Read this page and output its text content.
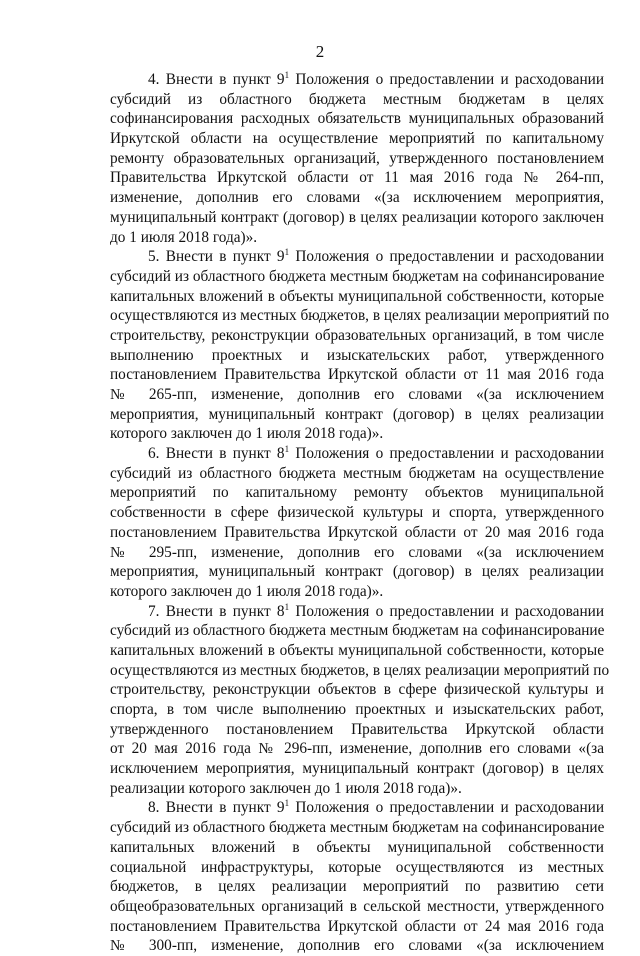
2
4. Внести в пункт $9^1$ Положения о предоставлении и расходовании
субсидий из областного бюджета местным бюджетам в целях
софинансирования расходных обязательств муниципальных образований
Иркутской области на осуществление мероприятий по капитальному
ремонту образовательных организаций, утвержденного постановлением
Правительства Иркутской области от 11 мая 2016 года № 264-пп,
изменение, дополнив его словами «(за исключением мероприятия,
муниципальный контракт (договор) в целях реализации которого заключен
до 1 июля 2018 года)».
5. Внести в пункт $9^1$ Положения о предоставлении и расходовании
субсидий из областного бюджета местным бюджетам на софинансирование
капитальных вложений в объекты муниципальной собственности, которые
осуществляются из местных бюджетов, в целях реализации мероприятий по
строительству, реконструкции образовательных организаций, в том числе
выполнению проектных и изыскательских работ, утвержденного
постановлением Правительства Иркутской области от 11 мая 2016 года
№ 265-пп, изменение, дополнив его словами «(за исключением
мероприятия, муниципальный контракт (договор) в целях реализации
которого заключен до 1 июля 2018 года)».
6. Внести в пункт $8^1$ Положения о предоставлении и расходовании
субсидий из областного бюджета местным бюджетам на осуществление
мероприятий по капитальному ремонту объектов муниципальной
собственности в сфере физической культуры и спорта, утвержденного
постановлением Правительства Иркутской области от 20 мая 2016 года
№ 295-пп, изменение, дополнив его словами «(за исключением
мероприятия, муниципальный контракт (договор) в целях реализации
которого заключен до 1 июля 2018 года)».
7. Внести в пункт $8^1$ Положения о предоставлении и расходовании
субсидий из областного бюджета местным бюджетам на софинансирование
капитальных вложений в объекты муниципальной собственности, которые
осуществляются из местных бюджетов, в целях реализации мероприятий по
строительству, реконструкции объектов в сфере физической культуры и
спорта, в том числе выполнению проектных и изыскательских работ,
утвержденного постановлением Правительства Иркутской области
от 20 мая 2016 года № 296-пп, изменение, дополнив его словами «(за
исключением мероприятия, муниципальный контракт (договор) в целях
реализации которого заключен до 1 июля 2018 года)».
8. Внести в пункт $9^1$ Положения о предоставлении и расходовании
субсидий из областного бюджета местным бюджетам на софинансирование
капитальных вложений в объекты муниципальной собственности
социальной инфраструктуры, которые осуществляются из местных
бюджетов, в целях реализации мероприятий по развитию сети
общеобразовательных организаций в сельской местности, утвержденного
постановлением Правительства Иркутской области от 24 мая 2016 года
№ 300-пп, изменение, дополнив его словами «(за исключением
